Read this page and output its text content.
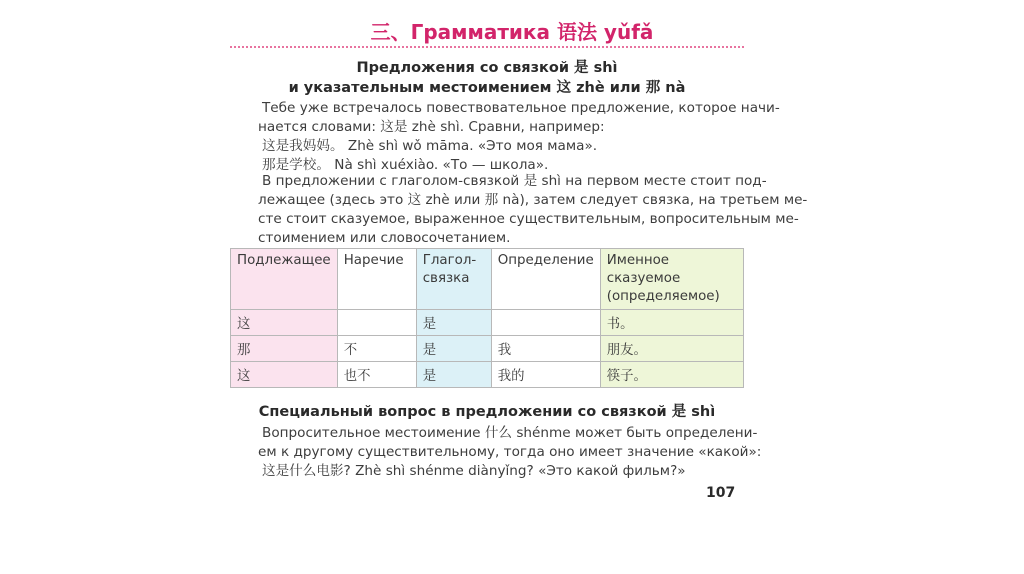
三、Грамматика 语法 yǔfǎ
Предложения со связкой 是 shì
и указательным местоимением 这 zhè или 那 nà
Тебе уже встречалось повествовательное предложение, которое начи-
нается словами: 这是 zhè shì. Сравни, например:
这是我妈妈。 Zhè shì wǒ māma. «Это моя мама».
那是学校。 Nà shì xuéxiào. «То — школа».
В предложении с глаголом-связкой 是 shì на первом месте стоит под-
лежащее (здесь это 这 zhè или 那 nà), затем следует связка, на третьем ме-
сте стоит сказуемое, выраженное существительным, вопросительным ме-
стоимением или словосочетанием.
Подлежащее	Наречие	Глагол-связка	Определение	Именное сказуемое (определяемое)
这		是		书。
那	不	是	我	朋友。
这	也不	是	我的	筷子。
Специальный вопрос в предложении со связкой 是 shì
Вопросительное местоимение 什么 shénme может быть определени-
ем к другому существительному, тогда оно имеет значение «какой»:
这是什么电影? Zhè shì shénme diànyǐng? «Это какой фильм?»
107
